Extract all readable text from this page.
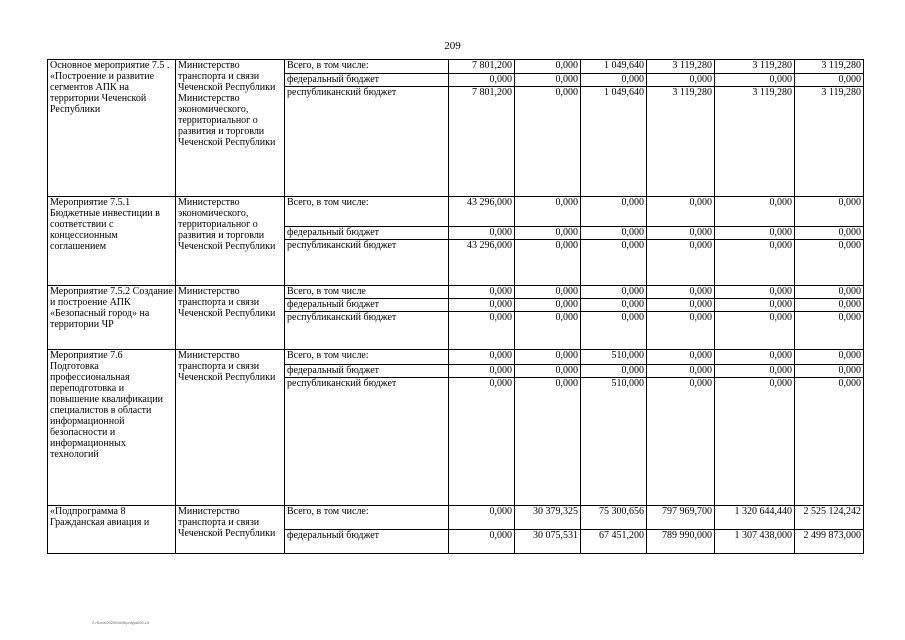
209
Основное мероприятие 7.5 . «Построение и развитие сегментов АПК на территории Чеченской Республики	Министерство транспорта и связи Чеченской Республики Министерство экономического, территориальног о развития и торговли Чеченской Республики	Всего, в том числе:	7 801,200	0,000	1 049,640	3 119,280	3 119,280	3 119,280
		федеральный бюджет	0,000	0,000	0,000	0,000	0,000	0,000
		республиканский бюджет	7 801,200	0,000	1 049,640	3 119,280	3 119,280	3 119,280
Мероприятие 7.5.1 Бюджетные инвестиции в соответствии с концессионным соглашением	Министерство экономического, территориальног о развития и торговли Чеченской Республики	Всего, в том числе:	43 296,000	0,000	0,000	0,000	0,000	0,000
		федеральный бюджет	0,000	0,000	0,000	0,000	0,000	0,000
		республиканский бюджет	43 296,000	0,000	0,000	0,000	0,000	0,000
Мероприятие 7.5.2 Создание и построение АПК «Безопасный город» на территории ЧР	Министерство транспорта и связи Чеченской Республики	Всего, в том числе	0,000	0,000	0,000	0,000	0,000	0,000
		федеральный бюджет	0,000	0,000	0,000	0,000	0,000	0,000
		республиканский бюджет	0,000	0,000	0,000	0,000	0,000	0,000
Мероприятие 7.6 Подготовка профессиональная переподготовка и повышение квалификации специалистов в области информационной безопасности и информационных технологий	Министерство транспорта и связи Чеченской Республики	Всего, в том числе:	0,000	0,000	510,000	0,000	0,000	0,000
		федеральный бюджет	0,000	0,000	0,000	0,000	0,000	0,000
		республиканский бюджет	0,000	0,000	510,000	0,000	0,000	0,000
«Подпрограмма 8 Гражданская авиация и	Министерство транспорта и связи Чеченской Республики	Всего, в том числе:	0,000	30 379,325	75 300,656	797 969,700	1 320 644,440	2 525 124,242
		федеральный бюджет	0,000	30 075,531	67 451,200	789 990,000	1 307 438,000	2 499 873,000
Z:/Sour/2020/0405/polyp6/00-Lit
